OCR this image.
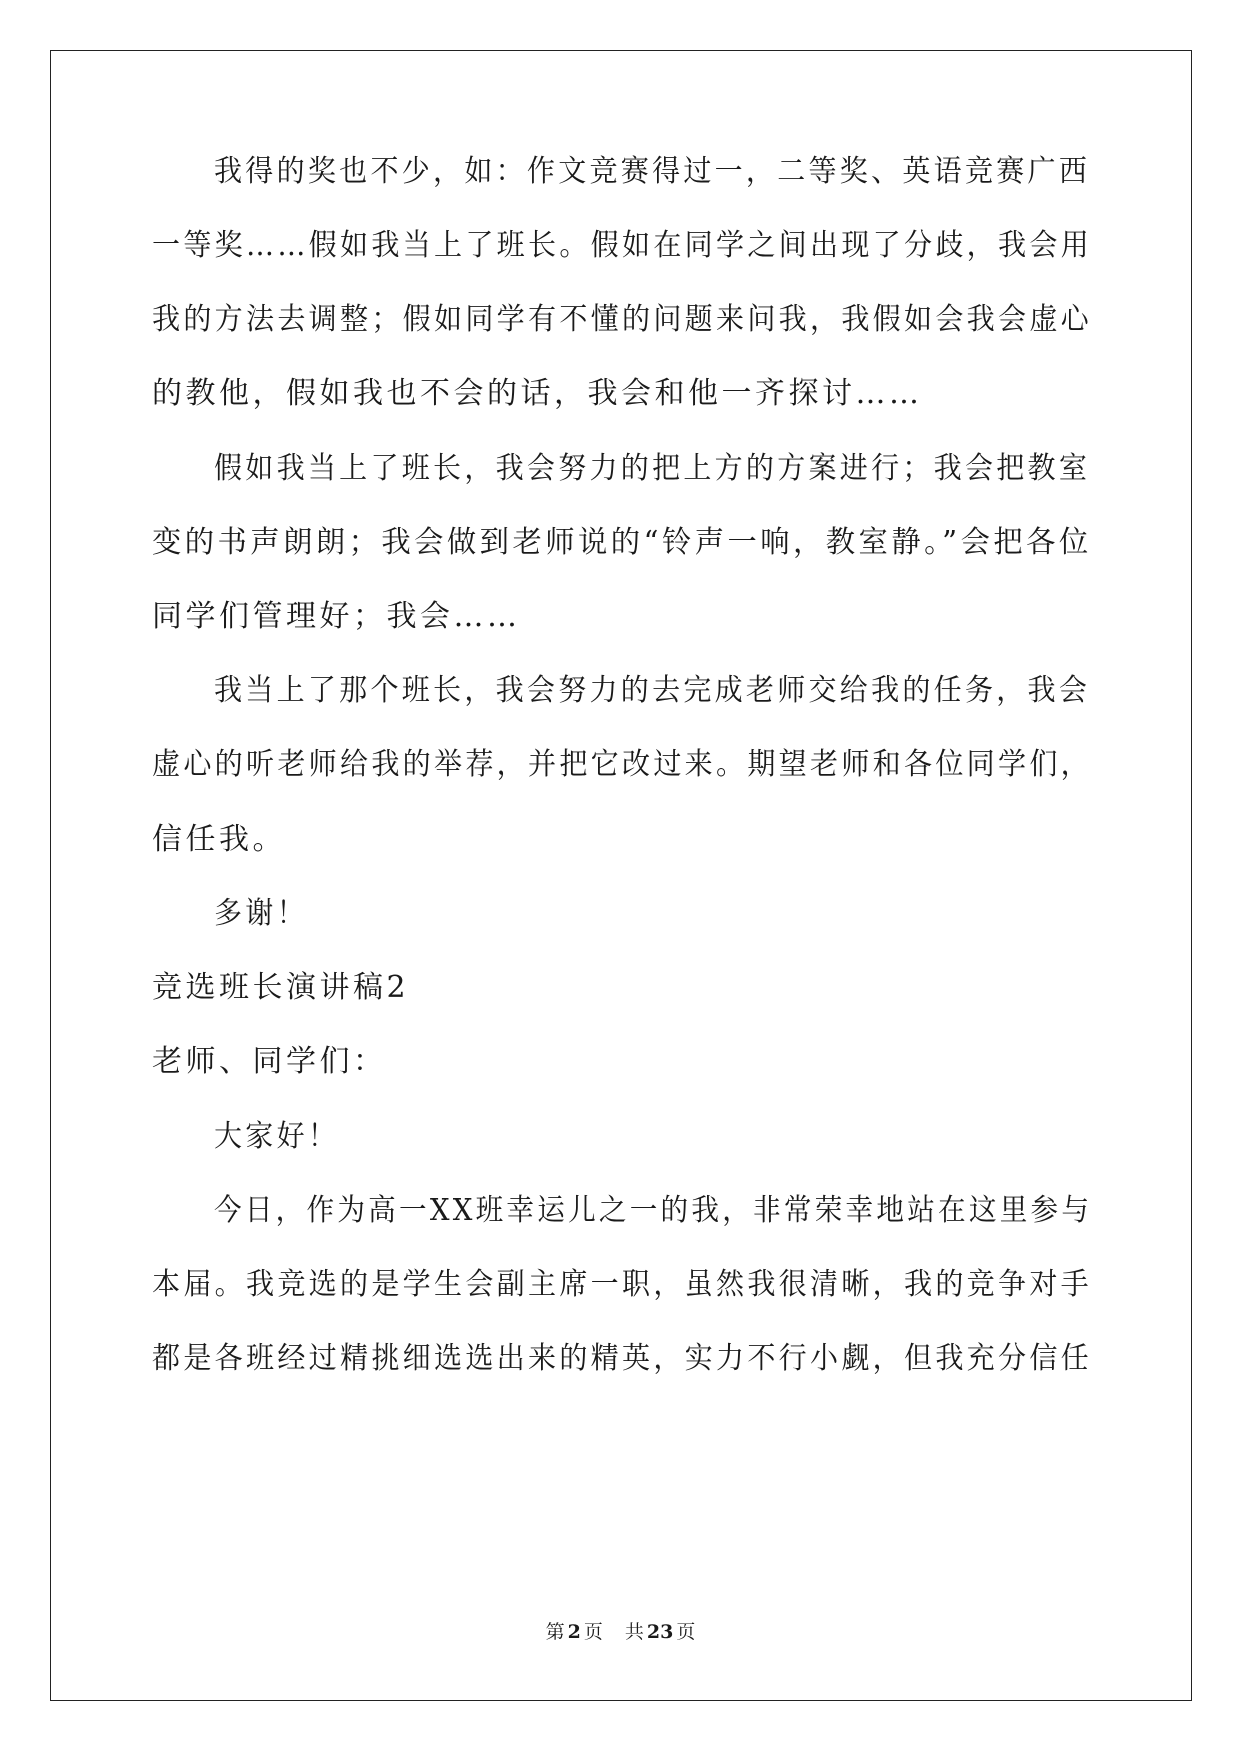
我得的奖也不少，如：作文竞赛得过一，二等奖、英语竞赛广西
一等奖……假如我当上了班长。假如在同学之间出现了分歧，我会用
我的方法去调整；假如同学有不懂的问题来问我，我假如会我会虚心
的教他，假如我也不会的话，我会和他一齐探讨……
假如我当上了班长，我会努力的把上方的方案进行；我会把教室
变的书声朗朗；我会做到老师说的“铃声一响，教室静。”会把各位
同学们管理好；我会……
我当上了那个班长，我会努力的去完成老师交给我的任务，我会
虚心的听老师给我的举荐，并把它改过来。期望老师和各位同学们，
信任我。
多谢！
竞选班长演讲稿2
老师、同学们：
大家好！
今日，作为高一XX班幸运儿之一的我，非常荣幸地站在这里参与
本届。我竞选的是学生会副主席一职，虽然我很清晰，我的竞争对手
都是各班经过精挑细选选出来的精英，实力不行小觑，但我充分信任
第 2 页 共 23 页
